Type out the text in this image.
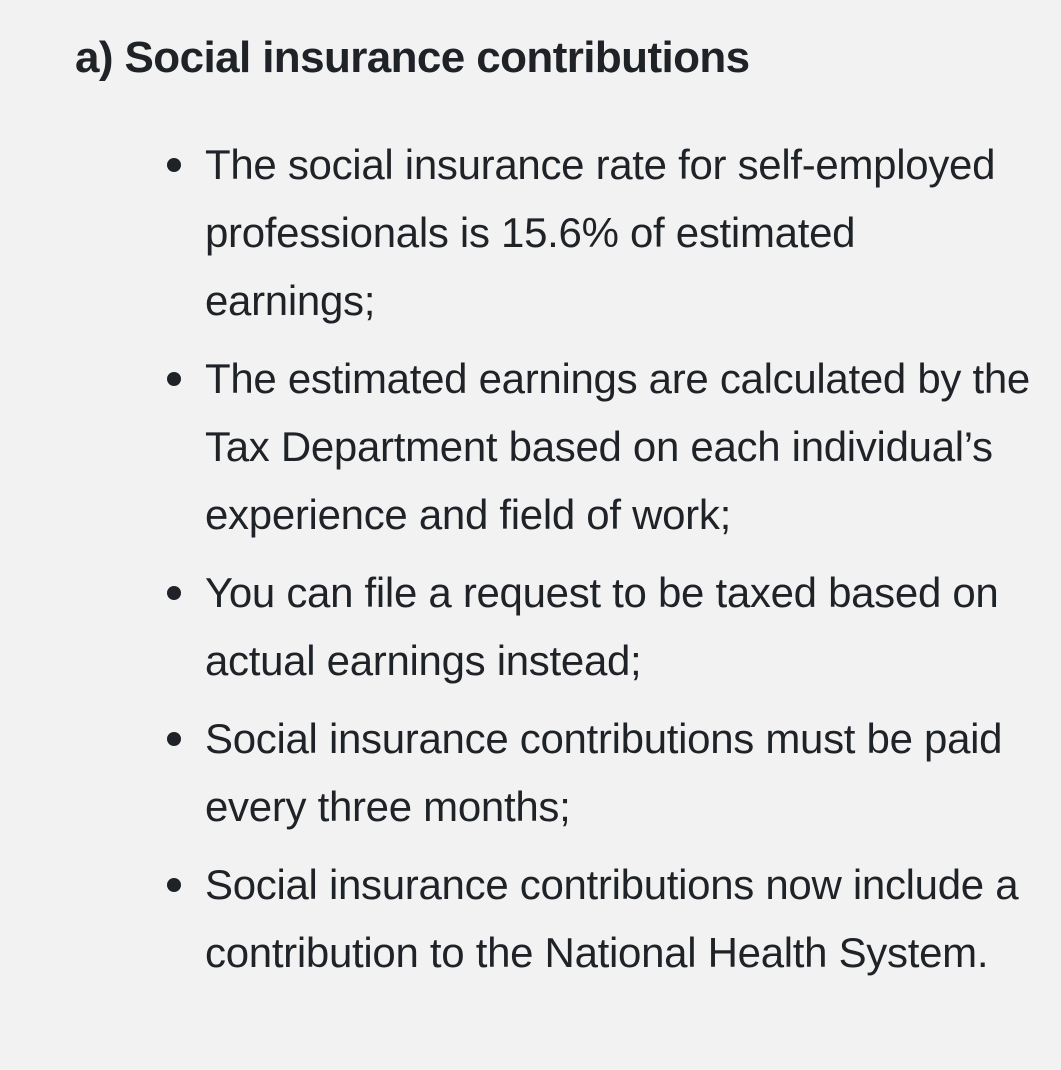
a) Social insurance contributions
The social insurance rate for self-employed professionals is 15.6% of estimated earnings;
The estimated earnings are calculated by the Tax Department based on each individual’s experience and field of work;
You can file a request to be taxed based on actual earnings instead;
Social insurance contributions must be paid every three months;
Social insurance contributions now include a contribution to the National Health System.
